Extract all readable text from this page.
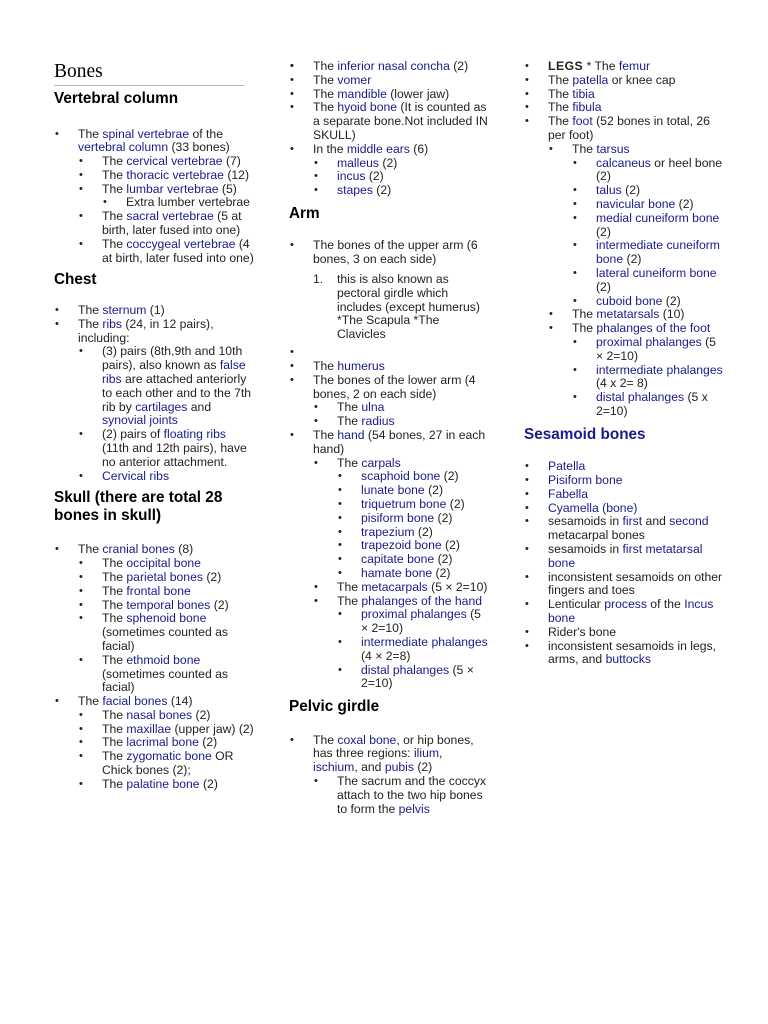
Bones
Vertebral column
• The spinal vertebrae of the vertebral column (33 bones)
• The cervical vertebrae (7)
• The thoracic vertebrae (12)
• The lumbar vertebrae (5)
• Extra lumber vertebrae
• The sacral vertebrae (5 at birth, later fused into one)
• The coccygeal vertebrae (4 at birth, later fused into one)
Chest
• The sternum (1)
• The ribs (24, in 12 pairs), including:
• (3) pairs (8th,9th and 10th pairs), also known as false ribs are attached anteriorly to each other and to the 7th rib by cartilages and synovial joints
• (2) pairs of floating ribs (11th and 12th pairs), have no anterior attachment.
• Cervical ribs
Skull (there are total 28 bones in skull)
• The cranial bones (8)
• The occipital bone
• The parietal bones (2)
• The frontal bone
• The temporal bones (2)
• The sphenoid bone (sometimes counted as facial)
• The ethmoid bone (sometimes counted as facial)
• The facial bones (14)
• The nasal bones (2)
• The maxillae (upper jaw) (2)
• The lacrimal bone (2)
• The zygomatic bone OR Chick bones (2);
• The palatine bone (2)
• • The inferior nasal concha (2)
• The vomer
• The mandible (lower jaw)
• The hyoid bone (It is counted as a separate bone.Not included IN SKULL)
• In the middle ears (6)
• malleus (2)
• incus (2)
• stapes (2)
Arm
• The bones of the upper arm (6 bones, 3 on each side)
1. this is also known as pectoral girdle which includes (except humerus) *The Scapula *The Clavicles
•
• The humerus
• The bones of the lower arm (4 bones, 2 on each side)
• The ulna
• The radius
• The hand (54 bones, 27 in each hand)
• The carpals
• scaphoid bone (2)
• lunate bone (2)
• triquetrum bone (2)
• pisiform bone (2)
• trapezium (2)
• trapezoid bone (2)
• capitate bone (2)
• hamate bone (2)
• The metacarpals (5 × 2=10)
• The phalanges of the hand
• proximal phalanges (5 × 2=10)
• intermediate phalanges (4 × 2=8)
• distal phalanges (5 × 2=10)
Pelvic girdle
• The coxal bone, or hip bones, has three regions: ilium, ischium, and pubis (2)
• The sacrum and the coccyx attach to the two hip bones to form the pelvis
• LEGS * The femur
• The patella or knee cap
• The tibia
• The fibula
• The foot (52 bones in total, 26 per foot)
• The tarsus
• calcaneus or heel bone (2)
• talus (2)
• navicular bone (2)
• medial cuneiform bone (2)
• intermediate cuneiform bone (2)
• lateral cuneiform bone (2)
• cuboid bone (2)
• The metatarsals (10)
• The phalanges of the foot
• proximal phalanges (5 × 2=10)
• intermediate phalanges (4 x 2= 8)
• distal phalanges (5 x 2=10)
Sesamoid bones
• Patella
• Pisiform bone
• Fabella
• Cyamella (bone)
• sesamoids in first and second metacarpal bones
• sesamoids in first metatarsal bone
• inconsistent sesamoids on other fingers and toes
• Lenticular process of the Incus bone
• Rider's bone
• inconsistent sesamoids in legs, arms, and buttocks
